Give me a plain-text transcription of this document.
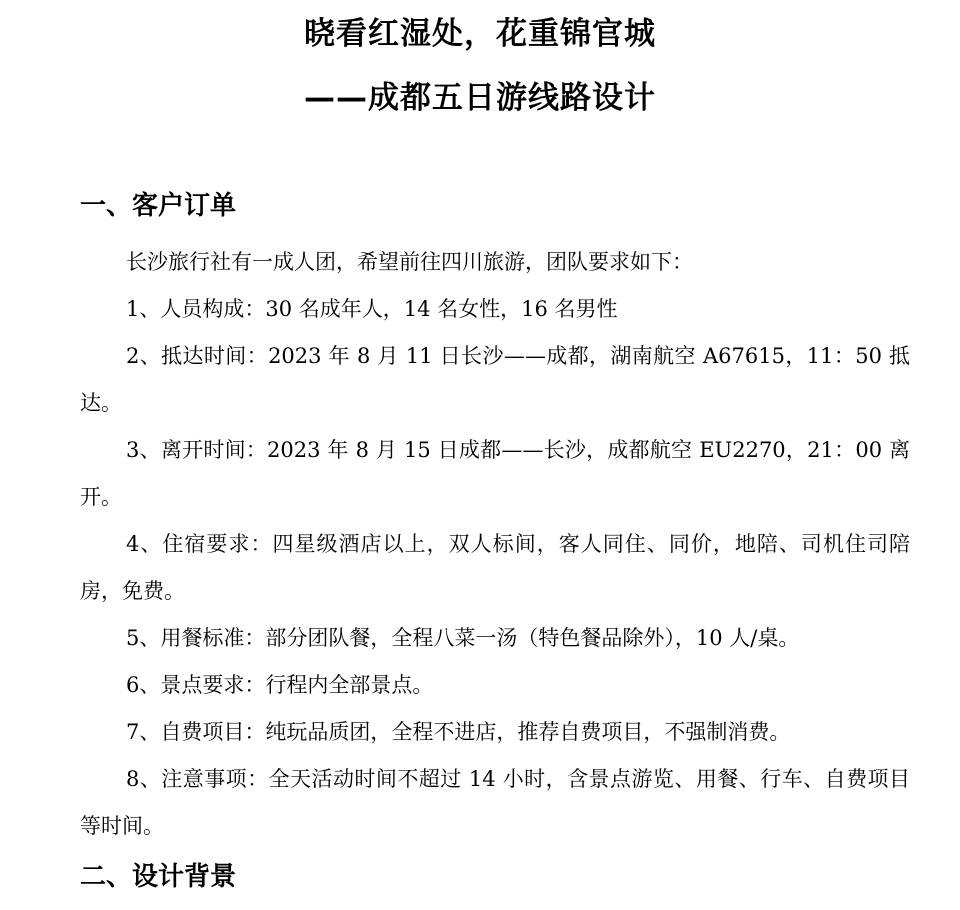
晓看红湿处，花重锦官城
——成都五日游线路设计
一、客户订单

长沙旅行社有一成人团，希望前往四川旅游，团队要求如下：

1、人员构成：30 名成年人，14 名女性，16 名男性

2、抵达时间：2023 年 8 月 11 日长沙——成都，湖南航空 A67615，11：50 抵达。

3、离开时间：2023 年 8 月 15 日成都——长沙，成都航空 EU2270，21：00 离开。

4、住宿要求：四星级酒店以上，双人标间，客人同住、同价，地陪、司机住司陪房，免费。

5、用餐标准：部分团队餐，全程八菜一汤（特色餐品除外），10 人/桌。

6、景点要求：行程内全部景点。

7、自费项目：纯玩品质团，全程不进店，推荐自费项目，不强制消费。

8、注意事项：全天活动时间不超过 14 小时，含景点游览、用餐、行车、自费项目等时间。

二、设计背景
